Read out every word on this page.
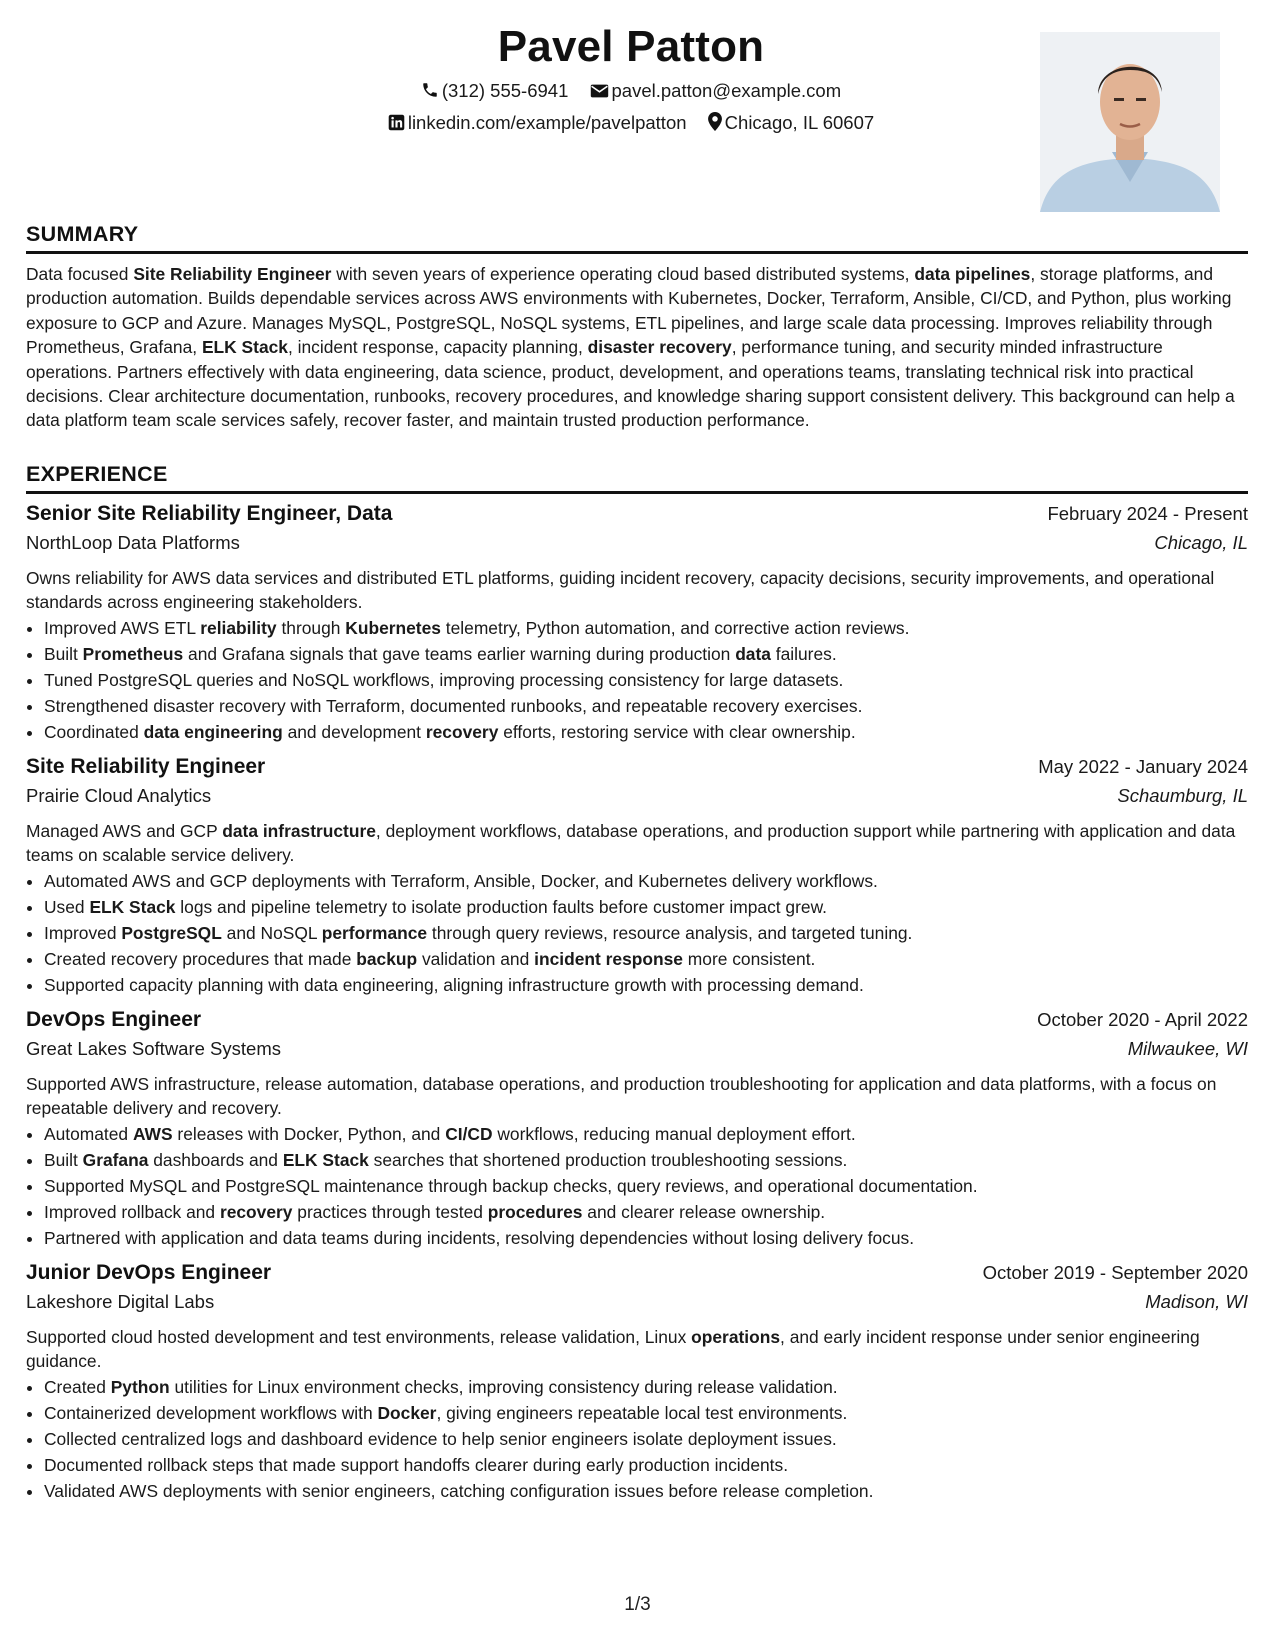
Pavel Patton
(312) 555-6941 pavel.patton@example.com
linkedin.com/example/pavelpatton Chicago, IL 60607
SUMMARY

Data focused Site Reliability Engineer with seven years of experience operating cloud based distributed systems, data pipelines, storage platforms, and production automation. Builds dependable services across AWS environments with Kubernetes, Docker, Terraform, Ansible, CI/CD, and Python, plus working exposure to GCP and Azure. Manages MySQL, PostgreSQL, NoSQL systems, ETL pipelines, and large scale data processing. Improves reliability through Prometheus, Grafana, ELK Stack, incident response, capacity planning, disaster recovery, performance tuning, and security minded infrastructure operations. Partners effectively with data engineering, data science, product, development, and operations teams, translating technical risk into practical decisions. Clear architecture documentation, runbooks, recovery procedures, and knowledge sharing support consistent delivery. This background can help a data platform team scale services safely, recover faster, and maintain trusted production performance.

EXPERIENCE
Senior Site Reliability Engineer, Data	February 2024 - Present
NorthLoop Data Platforms	Chicago, IL

Owns reliability for AWS data services and distributed ETL platforms, guiding incident recovery, capacity decisions, security improvements, and operational standards across engineering stakeholders.

• Improved AWS ETL reliability through Kubernetes telemetry, Python automation, and corrective action reviews.
• Built Prometheus and Grafana signals that gave teams earlier warning during production data failures.
• Tuned PostgreSQL queries and NoSQL workflows, improving processing consistency for large datasets.
• Strengthened disaster recovery with Terraform, documented runbooks, and repeatable recovery exercises.
• Coordinated data engineering and development recovery efforts, restoring service with clear ownership.
Site Reliability Engineer	May 2022 - January 2024
Prairie Cloud Analytics	Schaumburg, IL

Managed AWS and GCP data infrastructure, deployment workflows, database operations, and production support while partnering with application and data teams on scalable service delivery.

• Automated AWS and GCP deployments with Terraform, Ansible, Docker, and Kubernetes delivery workflows.
• Used ELK Stack logs and pipeline telemetry to isolate production faults before customer impact grew.
• Improved PostgreSQL and NoSQL performance through query reviews, resource analysis, and targeted tuning.
• Created recovery procedures that made backup validation and incident response more consistent.
• Supported capacity planning with data engineering, aligning infrastructure growth with processing demand.
DevOps Engineer	October 2020 - April 2022
Great Lakes Software Systems	Milwaukee, WI

Supported AWS infrastructure, release automation, database operations, and production troubleshooting for application and data platforms, with a focus on repeatable delivery and recovery.

• Automated AWS releases with Docker, Python, and CI/CD workflows, reducing manual deployment effort.
• Built Grafana dashboards and ELK Stack searches that shortened production troubleshooting sessions.
• Supported MySQL and PostgreSQL maintenance through backup checks, query reviews, and operational documentation.
• Improved rollback and recovery practices through tested procedures and clearer release ownership.
• Partnered with application and data teams during incidents, resolving dependencies without losing delivery focus.
Junior DevOps Engineer	October 2019 - September 2020
Lakeshore Digital Labs	Madison, WI

Supported cloud hosted development and test environments, release validation, Linux operations, and early incident response under senior engineering guidance.

• Created Python utilities for Linux environment checks, improving consistency during release validation.
• Containerized development workflows with Docker, giving engineers repeatable local test environments.
• Collected centralized logs and dashboard evidence to help senior engineers isolate deployment issues.
• Documented rollback steps that made support handoffs clearer during early production incidents.
• Validated AWS deployments with senior engineers, catching configuration issues before release completion.
1/3
